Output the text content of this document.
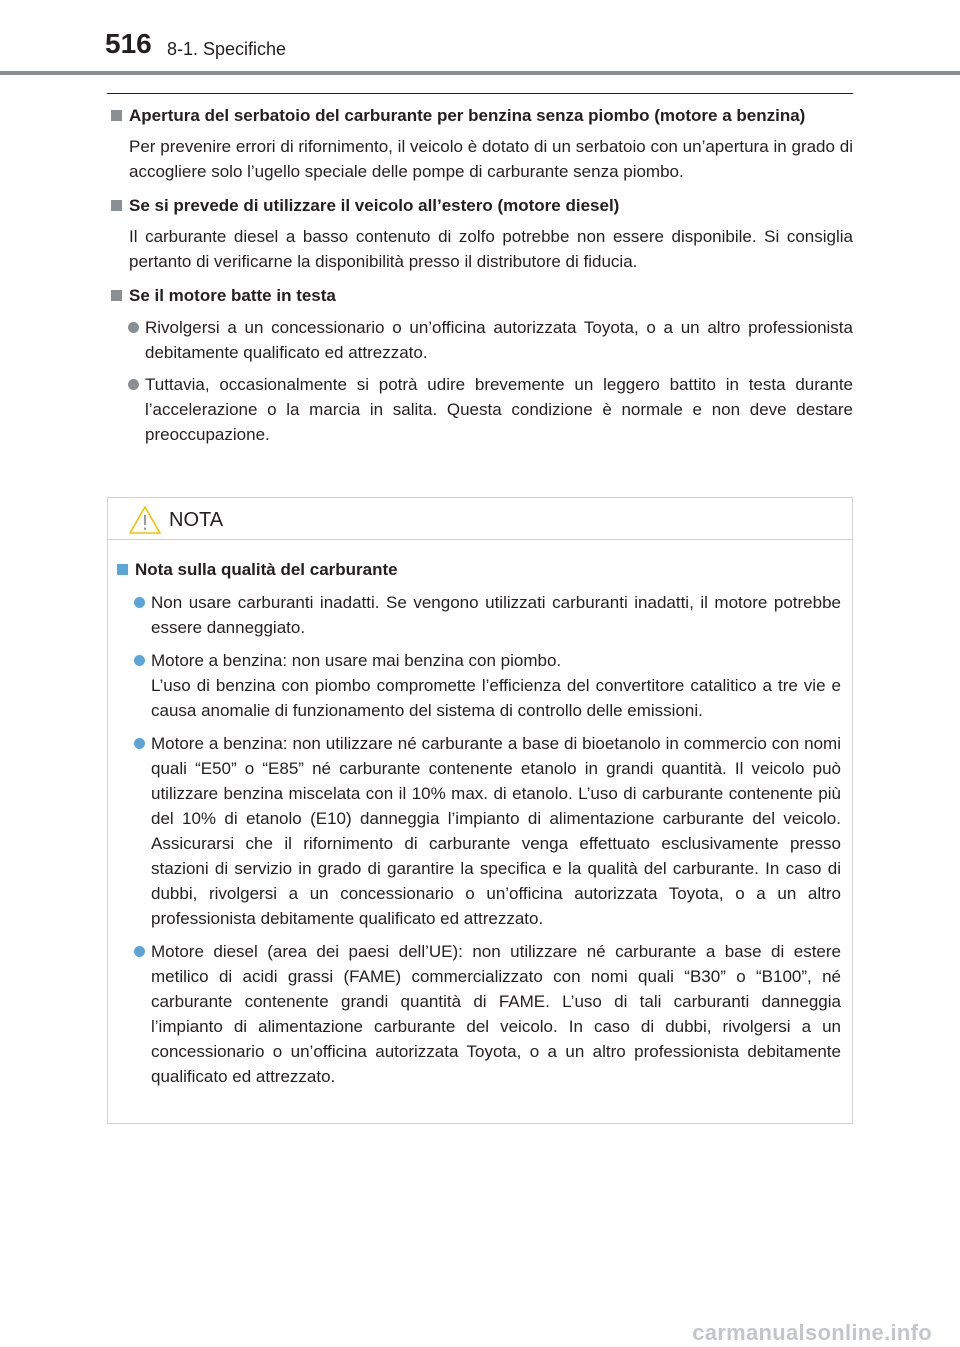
516 8-1. Specifiche
Apertura del serbatoio del carburante per benzina senza piombo (motore a benzina)
Per prevenire errori di rifornimento, il veicolo è dotato di un serbatoio con un’apertura in grado di accogliere solo l’ugello speciale delle pompe di carburante senza piombo.
Se si prevede di utilizzare il veicolo all’estero (motore diesel)
Il carburante diesel a basso contenuto di zolfo potrebbe non essere disponibile. Si consiglia pertanto di verificarne la disponibilità presso il distributore di fiducia.
Se il motore batte in testa
Rivolgersi a un concessionario o un’officina autorizzata Toyota, o a un altro professionista debitamente qualificato ed attrezzato.
Tuttavia, occasionalmente si potrà udire brevemente un leggero battito in testa durante l’accelerazione o la marcia in salita. Questa condizione è normale e non deve destare preoccupazione.
NOTA
Nota sulla qualità del carburante
Non usare carburanti inadatti. Se vengono utilizzati carburanti inadatti, il motore potrebbe essere danneggiato.
Motore a benzina: non usare mai benzina con piombo.
L’uso di benzina con piombo compromette l’efficienza del convertitore catalitico a tre vie e causa anomalie di funzionamento del sistema di controllo delle emissioni.
Motore a benzina: non utilizzare né carburante a base di bioetanolo in commercio con nomi quali “E50” o “E85” né carburante contenente etanolo in grandi quantità. Il veicolo può utilizzare benzina miscelata con il 10% max. di etanolo. L’uso di carburante contenente più del 10% di etanolo (E10) danneggia l’impianto di alimentazione carburante del veicolo. Assicurarsi che il rifornimento di carburante venga effettuato esclusivamente presso stazioni di servizio in grado di garantire la specifica e la qualità del carburante. In caso di dubbi, rivolgersi a un concessionario o un’officina autorizzata Toyota, o a un altro professionista debitamente qualificato ed attrezzato.
Motore diesel (area dei paesi dell’UE): non utilizzare né carburante a base di estere metilico di acidi grassi (FAME) commercializzato con nomi quali “B30” o “B100”, né carburante contenente grandi quantità di FAME. L’uso di tali carburanti danneggia l’impianto di alimentazione carburante del veicolo. In caso di dubbi, rivolgersi a un concessionario o un’officina autorizzata Toyota, o a un altro professionista debitamente qualificato ed attrezzato.
carmanualsonline.info
